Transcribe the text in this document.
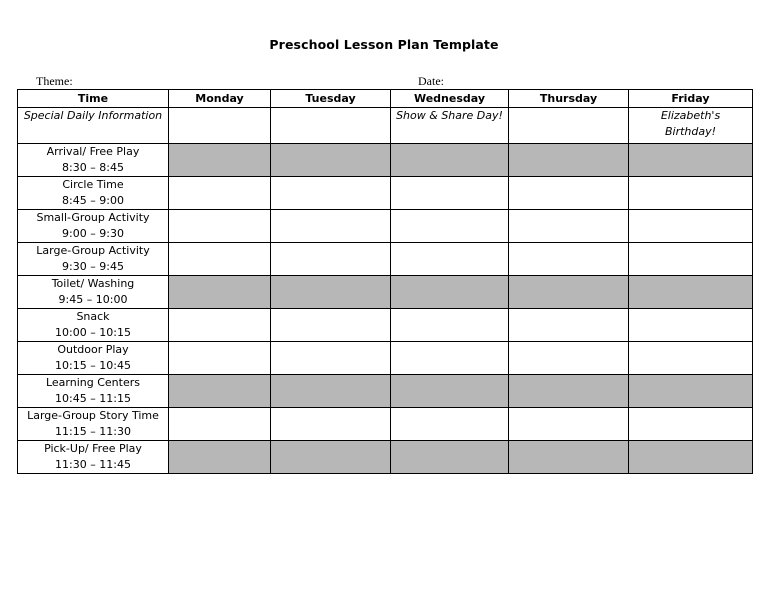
Preschool Lesson Plan Template
Theme:	Date:
Time	Monday	Tuesday	Wednesday	Thursday	Friday
Special Daily Information			Show & Share Day!		Elizabeth's
Birthday!

Arrival/ Free Play
8:30 – 8:45					

Circle Time
8:45 – 9:00					

Small-Group Activity
9:00 – 9:30					

Large-Group Activity
9:30 – 9:45					

Toilet/ Washing
9:45 – 10:00					

Snack
10:00 – 10:15					

Outdoor Play
10:15 – 10:45					

Learning Centers
10:45 – 11:15					

Large-Group Story Time
11:15 – 11:30					

Pick-Up/ Free Play
11:30 – 11:45					
